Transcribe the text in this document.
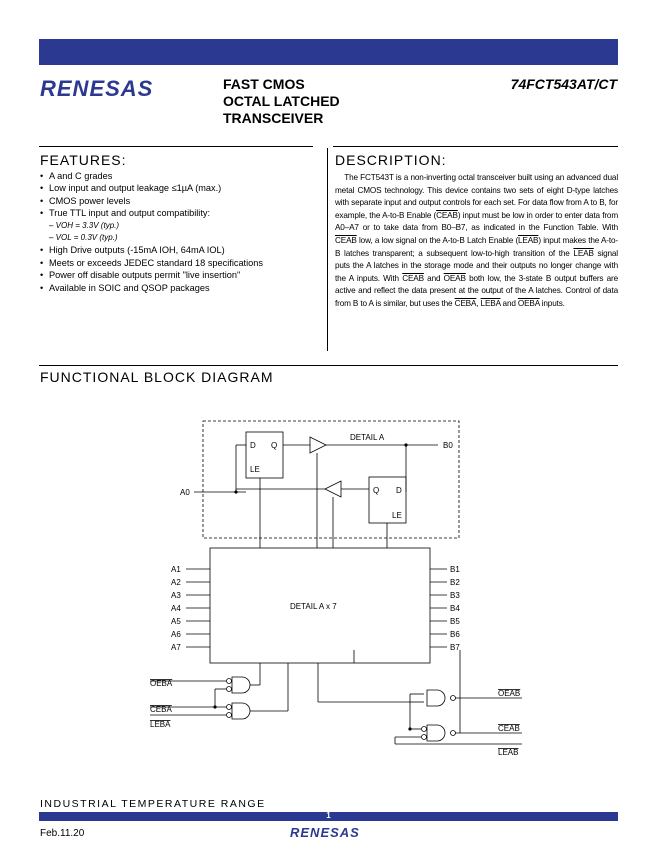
RENESAS	FAST CMOS
OCTAL LATCHED
TRANSCEIVER
74FCT543AT/CT
FEATURES:
• A and C grades
• Low input and output leakage ≤1µA (max.)
• CMOS power levels
• True TTL input and output compatibility:
– VOH = 3.3V (typ.)
– VOL = 0.3V (typ.)
• High Drive outputs (-15mA IOH, 64mA IOL)
• Meets or exceeds JEDEC standard 18 specifications
• Power off disable outputs permit "live insertion"
• Available in SOIC and QSOP packages
DESCRIPTION:
The FCT543T is a non-inverting octal transceiver built using an advanced dual metal CMOS technology. This device contains two sets of eight D-type latches with separate input and output controls for each set. For data flow from A to B, for example, the A-to-B Enable (CEAB) input must be low in order to enter data from A0–A7 or to take data from B0–B7, as indicated in the Function Table. With CEAB low, a low signal on the A-to-B Latch Enable (LEAB) input makes the A-to-B latches transparent; a subsequent low-to-high transition of the LEAB signal puts the A latches in the storage mode and their outputs no longer change with the A inputs. With CEAB and OEAB both low, the 3-state B output buffers are active and reflect the data present at the output of the A latches. Control of data from B to A is similar, but uses the CEBA, LEBA and OEBA inputs.
FUNCTIONAL BLOCK DIAGRAM
D Q
LE
Q D
LE
DETAIL A
DETAIL A x 7
A0
B0
A1
A2
A3
A4
A5
A6
A7
B1
B2
B3
B4
B5
B6
B7
OEBA
CEBA
LEBA
OEAB
CEAB
LEAB
INDUSTRIAL TEMPERATURE RANGE
1
Feb.11.20	RENESAS
